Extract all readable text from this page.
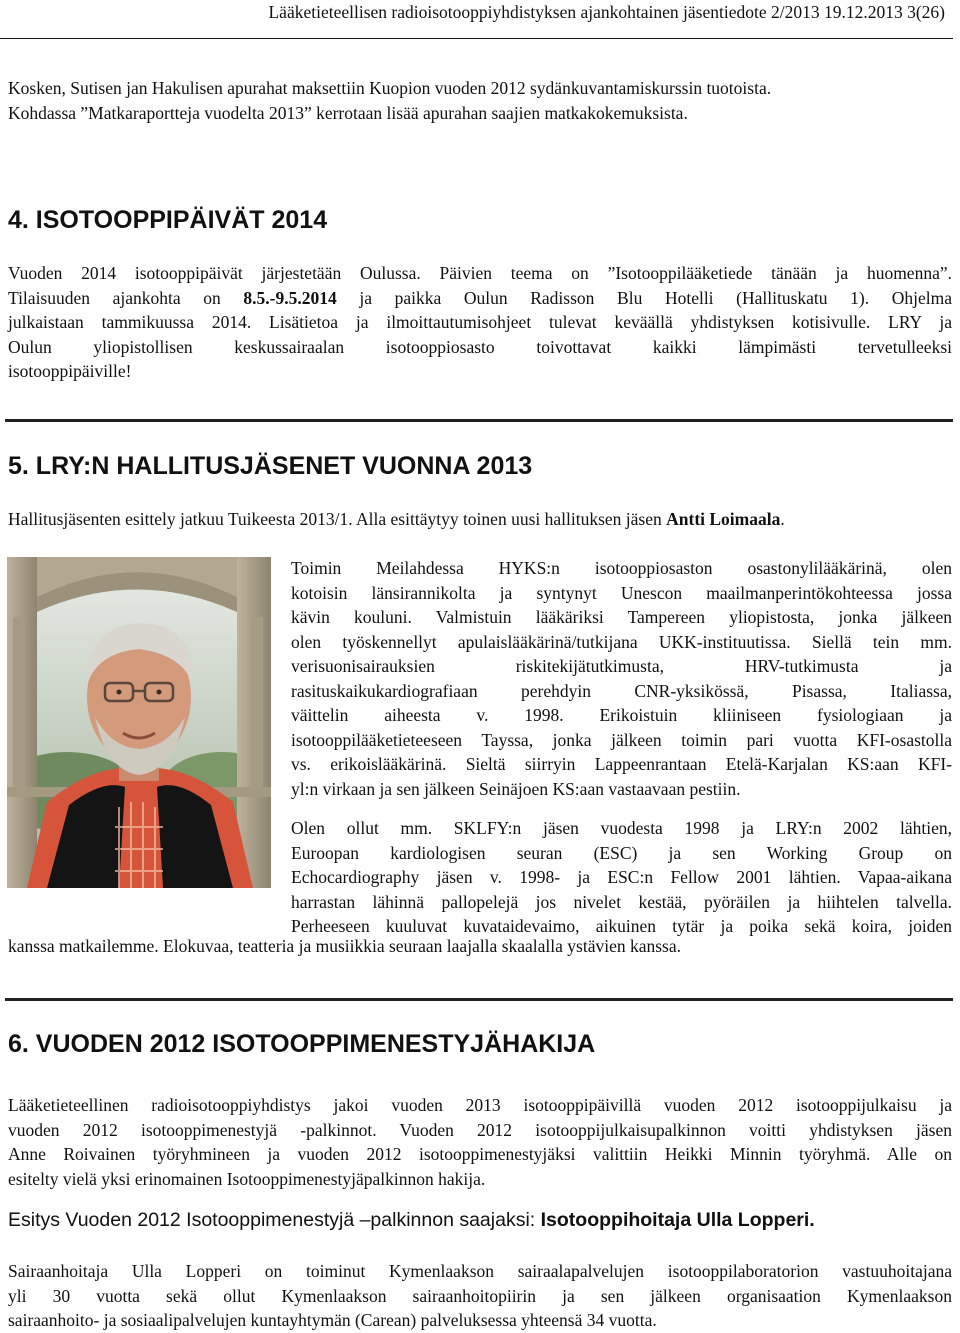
Lääketieteellisen radioisotooppiyhdistyksen ajankohtainen jäsentiedote 2/2013 19.12.2013 3(26)
Kosken, Sutisen jan Hakulisen apurahat maksettiin Kuopion vuoden 2012 sydänkuvantamiskurssin tuotoista.
Kohdassa ”Matkaraportteja vuodelta 2013” kerrotaan lisää apurahan saajien matkakokemuksista.
4. ISOTOOPPIPÄIVÄT 2014
Vuoden 2014 isotooppipäivät järjestetään Oulussa. Päivien teema on ”Isotooppilääketiede tänään ja huomenna”.
Tilaisuuden ajankohta on 8.5.-9.5.2014 ja paikka Oulun Radisson Blu Hotelli (Hallituskatu 1). Ohjelma
julkaistaan tammikuussa 2014. Lisätietoa ja ilmoittautumisohjeet tulevat keväällä yhdistyksen kotisivulle. LRY ja
Oulun yliopistollisen keskussairaalan isotooppiosasto toivottavat kaikki lämpimästi tervetulleeksi
isotooppipäiville!
5. LRY:N HALLITUSJÄSENET VUONNA 2013
Hallitusjäsenten esittely jatkuu Tuikeesta 2013/1. Alla esittäytyy toinen uusi hallituksen jäsen Antti Loimaala.
Toimin Meilahdessa HYKS:n isotooppiosaston osastonylilääkärinä, olen
kotoisin länsirannikolta ja syntynyt Unescon maailmanperintökohteessa jossa
kävin kouluni. Valmistuin lääkäriksi Tampereen yliopistosta, jonka jälkeen
olen työskennellyt apulaislääkärinä/tutkijana UKK-instituutissa. Siellä tein mm.
verisuonisairauksien riskitekijätutkimusta, HRV-tutkimusta ja
rasituskaikukardiografiaan perehdyin CNR-yksikössä, Pisassa, Italiassa,
väittelin aiheesta v. 1998. Erikoistuin kliiniseen fysiologiaan ja
isotooppilääketieteeseen Tayssa, jonka jälkeen toimin pari vuotta KFI-osastolla
vs. erikoislääkärinä. Sieltä siirryin Lappeenrantaan Etelä-Karjalan KS:aan KFI-
yl:n virkaan ja sen jälkeen Seinäjoen KS:aan vastaavaan pestiin.
Olen ollut mm. SKLFY:n jäsen vuodesta 1998 ja LRY:n 2002 lähtien,
Euroopan kardiologisen seuran (ESC) ja sen Working Group on
Echocardiography jäsen v. 1998- ja ESC:n Fellow 2001 lähtien. Vapaa-aikana
harrastan lähinnä pallopelejä jos nivelet kestää, pyöräilen ja hiihtelen talvella.
Perheeseen kuuluvat kuvataidevaimo, aikuinen tytär ja poika sekä koira, joiden
kanssa matkailemme. Elokuvaa, teatteria ja musiikkia seuraan laajalla skaalalla ystävien kanssa.
6. VUODEN 2012 ISOTOOPPIMENESTYJÄHAKIJA
Lääketieteellinen radioisotooppiyhdistys jakoi vuoden 2013 isotooppipäivillä vuoden 2012 isotooppijulkaisu ja
vuoden 2012 isotooppimenestyjä -palkinnot. Vuoden 2012 isotooppijulkaisupalkinnon voitti yhdistyksen jäsen
Anne Roivainen työryhmineen ja vuoden 2012 isotooppimenestyjäksi valittiin Heikki Minnin työryhmä. Alle on
esitelty vielä yksi erinomainen Isotooppimenestyjäpalkinnon hakija.
Esitys Vuoden 2012 Isotooppimenestyjä –palkinnon saajaksi: Isotooppihoitaja Ulla Lopperi.
Sairaanhoitaja Ulla Lopperi on toiminut Kymenlaakson sairaalapalvelujen isotooppilaboratorion vastuuhoitajana
yli 30 vuotta sekä ollut Kymenlaakson sairaanhoitopiirin ja sen jälkeen organisaation Kymenlaakson
sairaanhoito- ja sosiaalipalvelujen kuntayhtymän (Carean) palveluksessa yhteensä 34 vuotta.
